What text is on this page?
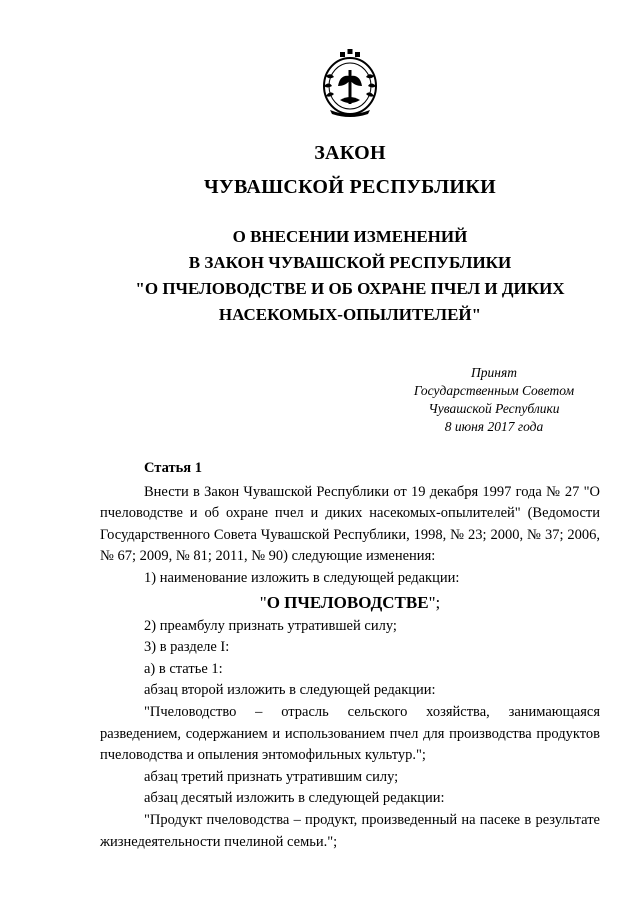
ЗАКОН
ЧУВАШСКОЙ РЕСПУБЛИКИ
О ВНЕСЕНИИ ИЗМЕНЕНИЙ
В ЗАКОН ЧУВАШСКОЙ РЕСПУБЛИКИ
"О ПЧЕЛОВОДСТВЕ И ОБ ОХРАНЕ ПЧЕЛ И ДИКИХ
НАСЕКОМЫХ-ОПЫЛИТЕЛЕЙ"
Принят
Государственным Советом
Чувашской Республики
8 июня 2017 года
Статья 1

Внести в Закон Чувашской Республики от 19 декабря 1997 года № 27 "О пчеловодстве и об охране пчел и диких насекомых-опылителей" (Ведомости Государственного Совета Чувашской Республики, 1998, № 23; 2000, № 37; 2006, № 67; 2009, № 81; 2011, № 90) следующие изменения:

1) наименование изложить в следующей редакции:

"О ПЧЕЛОВОДСТВЕ";

2) преамбулу признать утратившей силу;

3) в разделе I:

а) в статье 1:

абзац второй изложить в следующей редакции:

"Пчеловодство – отрасль сельского хозяйства, занимающаяся разведением, содержанием и использованием пчел для производства продуктов пчеловодства и опыления энтомофильных культур.";

абзац третий признать утратившим силу;

абзац десятый изложить в следующей редакции:

"Продукт пчеловодства – продукт, произведенный на пасеке в результате жизнедеятельности пчелиной семьи.";
